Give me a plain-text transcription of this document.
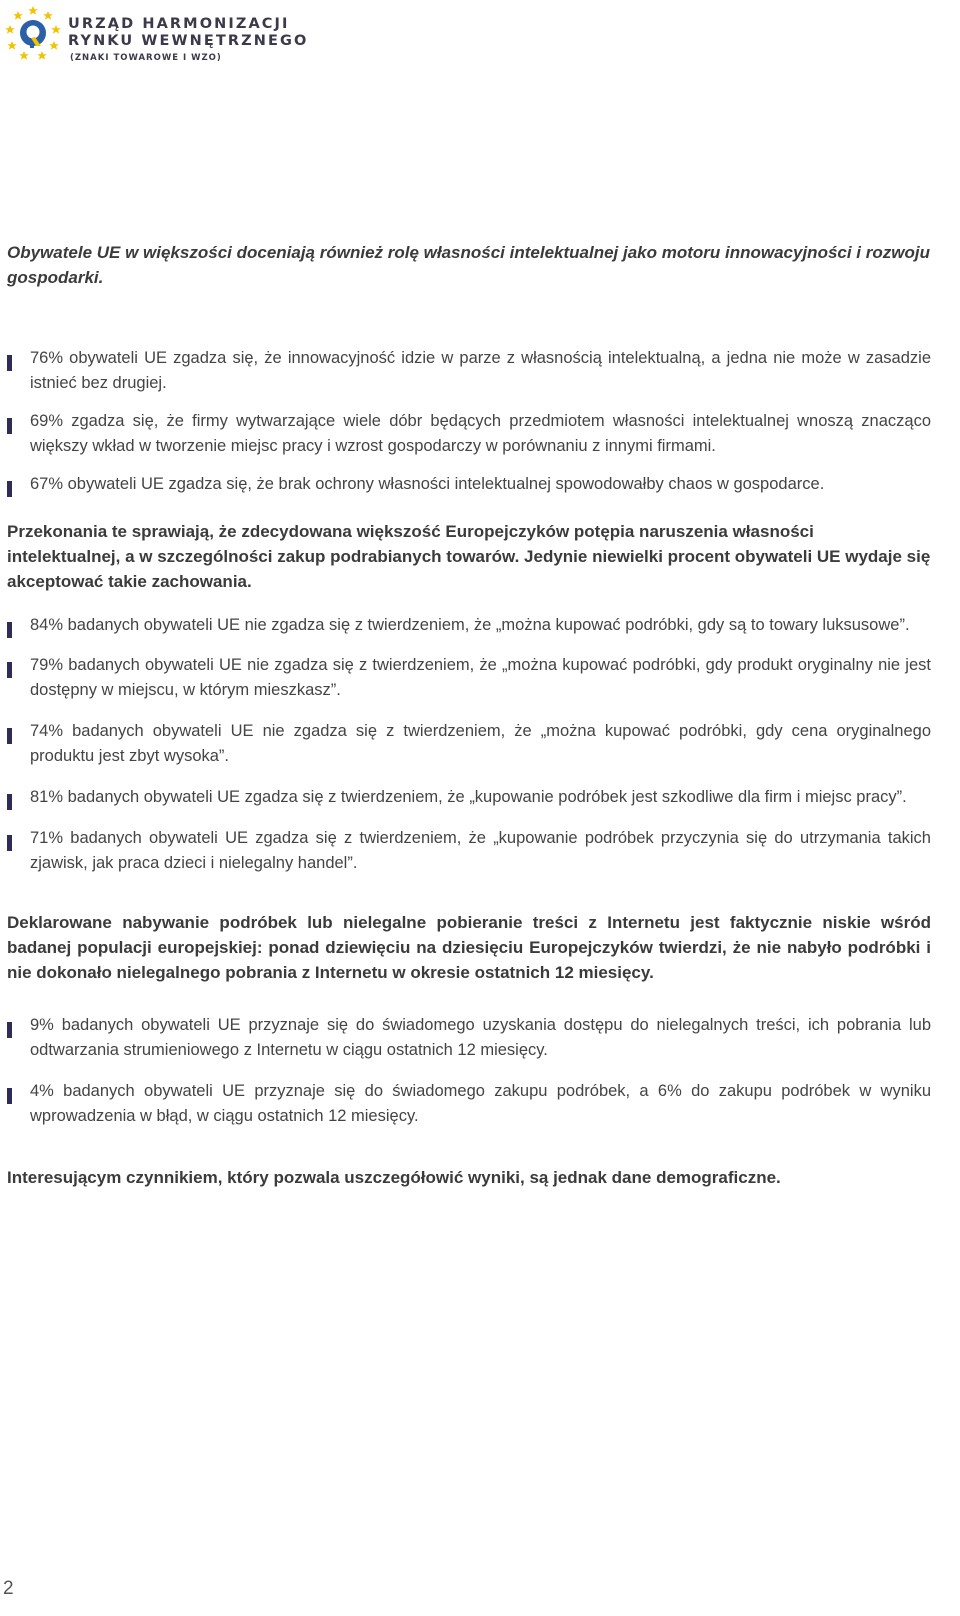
URZĄD HARMONIZACJI
RYNKU WEWNĘTRZNEGO
(ZNAKI TOWAROWE I WZO)

Obywatele UE w większości doceniają również rolę własności intelektualnej jako motoru innowacyjności i rozwoju gospodarki.

76% obywateli UE zgadza się, że innowacyjność idzie w parze z własnością intelektualną, a jedna nie może w zasadzie istnieć bez drugiej.
69% zgadza się, że firmy wytwarzające wiele dóbr będących przedmiotem własności intelektualnej wnoszą znacząco większy wkład w tworzenie miejsc pracy i wzrost gospodarczy w porównaniu z innymi firmami.
67% obywateli UE zgadza się, że brak ochrony własności intelektualnej spowodowałby chaos w gospodarce.

Przekonania te sprawiają, że zdecydowana większość Europejczyków potępia naruszenia własności intelektualnej, a w szczególności zakup podrabianych towarów. Jedynie niewielki procent obywateli UE wydaje się akceptować takie zachowania.

84% badanych obywateli UE nie zgadza się z twierdzeniem, że „można kupować podróbki, gdy są to towary luksusowe”.
79% badanych obywateli UE nie zgadza się z twierdzeniem, że „można kupować podróbki, gdy produkt oryginalny nie jest dostępny w miejscu, w którym mieszkasz”.
74% badanych obywateli UE nie zgadza się z twierdzeniem, że „można kupować podróbki, gdy cena oryginalnego produktu jest zbyt wysoka”.
81% badanych obywateli UE zgadza się z twierdzeniem, że „kupowanie podróbek jest szkodliwe dla firm i miejsc pracy”.
71% badanych obywateli UE zgadza się z twierdzeniem, że „kupowanie podróbek przyczynia się do utrzymania takich zjawisk, jak praca dzieci i nielegalny handel”.

Deklarowane nabywanie podróbek lub nielegalne pobieranie treści z Internetu jest faktycznie niskie wśród badanej populacji europejskiej: ponad dziewięciu na dziesięciu Europejczyków twierdzi, że nie nabyło podróbki i nie dokonało nielegalnego pobrania z Internetu w okresie ostatnich 12 miesięcy.

9% badanych obywateli UE przyznaje się do świadomego uzyskania dostępu do nielegalnych treści, ich pobrania lub odtwarzania strumieniowego z Internetu w ciągu ostatnich 12 miesięcy.
4% badanych obywateli UE przyznaje się do świadomego zakupu podróbek, a 6% do zakupu podróbek w wyniku wprowadzenia w błąd, w ciągu ostatnich 12 miesięcy.

Interesującym czynnikiem, który pozwala uszczegółowić wyniki, są jednak dane demograficzne.

2
